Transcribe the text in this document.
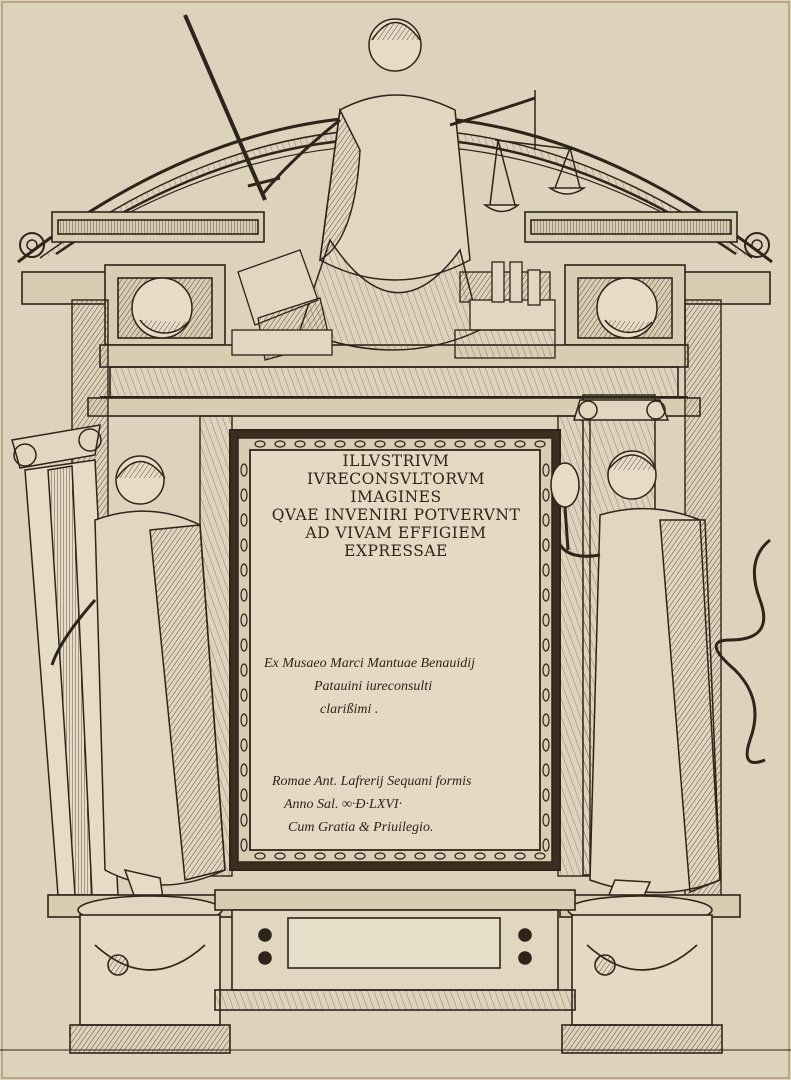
ILLVSTRIVM
IVRECONSVLTORVM
IMAGINES
QVAE INVENIRI POTVERVNT
AD VIVAM EFFIGIEM
EXPRESSAE
Ex Musaeo Marci Mantuae Benauidij
Patauini iureconsulti
clarißimi .
Romae Ant. Lafrerij Sequani formis
Anno Sal. ∞·Ð·LXVI·
Cum Gratia & Priuilegio.
